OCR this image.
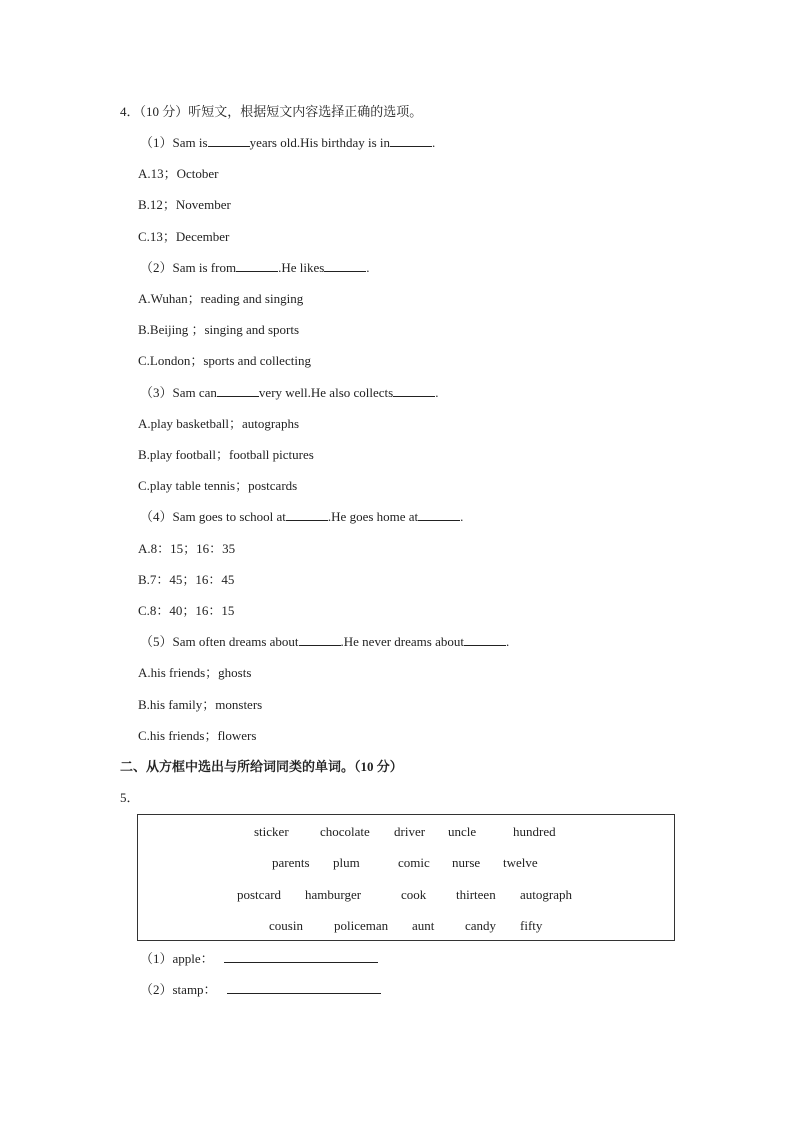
4．（10 分）听短文，根据短文内容选择正确的选项。
（1）Sam is	years old.His birthday is in	.
A.13；October
B.12；November
C.13；December
（2）Sam is from	.He likes	.
A.Wuhan；reading and singing
B.Beijing ；singing and sports
C.London；sports and collecting
（3）Sam can	very well.He also collects	.
A.play basketball；autographs
B.play football；football pictures
C.play table tennis；postcards
（4）Sam goes to school at	.He goes home at	.
A.8：15；16：35
B.7：45；16：45
C.8：40；16：15
（5）Sam often dreams about	.He never dreams about	.
A.his friends；ghosts
B.his family；monsters
C.his friends；flowers
二、从方框中选出与所给词同类的单词。（10 分）
5．
sticker chocolate driver uncle	hundred
parents plum	comic nurse twelve
postcard hamburger	cook thirteen autograph
cousin policeman aunt candy fifty
（1）apple：
（2）stamp：
